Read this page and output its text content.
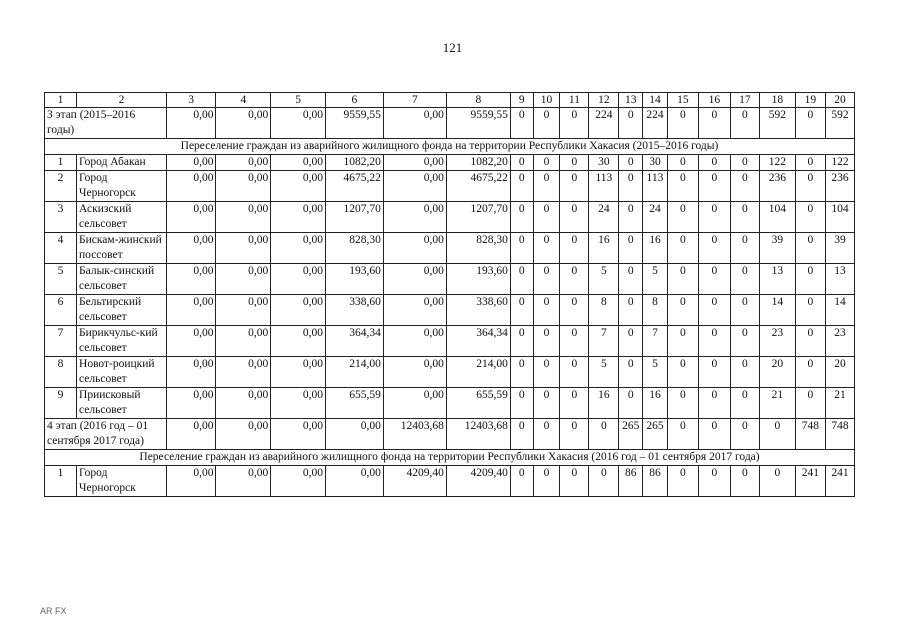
121
1	2	3	4	5	6	7	8	9	10	11	12	13	14	15	16	17	18	19	20
3 этап (2015–2016 годы)		0,00	0,00	0,00	9559,55	0,00	9559,55	0	0	0	224	0	224	0	0	0	592	0	592
Переселение граждан из аварийного жилищного фонда на территории Республики Хакасия (2015–2016 годы)																			
1	Город Абакан	0,00	0,00	0,00	1082,20	0,00	1082,20	0	0	0	30	0	30	0	0	0	122	0	122
2	Город Черногорск	0,00	0,00	0,00	4675,22	0,00	4675,22	0	0	0	113	0	113	0	0	0	236	0	236
3	Аскизский сельсовет	0,00	0,00	0,00	1207,70	0,00	1207,70	0	0	0	24	0	24	0	0	0	104	0	104
4	Бискам-жинский поссовет	0,00	0,00	0,00	828,30	0,00	828,30	0	0	0	16	0	16	0	0	0	39	0	39
5	Балык-синский сельсовет	0,00	0,00	0,00	193,60	0,00	193,60	0	0	0	5	0	5	0	0	0	13	0	13
6	Бельтирский сельсовет	0,00	0,00	0,00	338,60	0,00	338,60	0	0	0	8	0	8	0	0	0	14	0	14
7	Бирикчульс-кий сельсовет	0,00	0,00	0,00	364,34	0,00	364,34	0	0	0	7	0	7	0	0	0	23	0	23
8	Новот-роицкий сельсовет	0,00	0,00	0,00	214,00	0,00	214,00	0	0	0	5	0	5	0	0	0	20	0	20
9	Приисковый сельсовет	0,00	0,00	0,00	655,59	0,00	655,59	0	0	0	16	0	16	0	0	0	21	0	21
4 этап (2016 год – 01 сентября 2017 года)		0,00	0,00	0,00	0,00	12403,68	12403,68	0	0	0	0	265	265	0	0	0	0	748	748
Переселение граждан из аварийного жилищного фонда на территории Республики Хакасия (2016 год – 01 сентября 2017 года)																			
1	Город Черногорск	0,00	0,00	0,00	0,00	4209,40	4209,40	0	0	0	0	86	86	0	0	0	0	241	241
AR FX
